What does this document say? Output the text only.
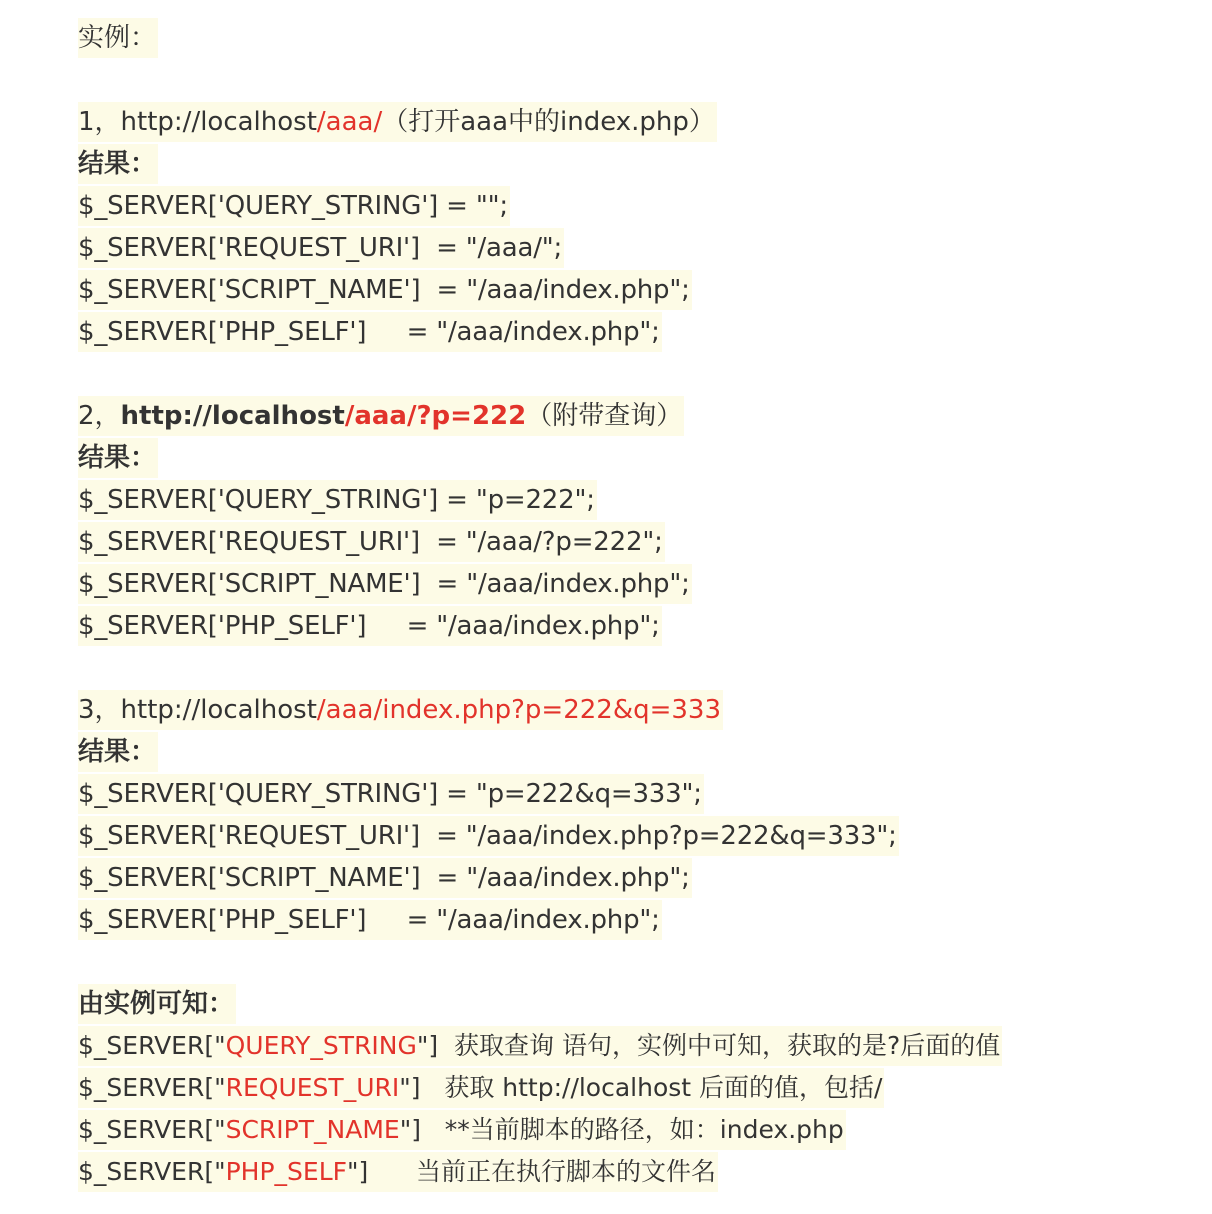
实例：
1，http://localhost/aaa/（打开aaa中的index.php）
结果：
$_SERVER['QUERY_STRING'] = "";
$_SERVER['REQUEST_URI']  = "/aaa/";
$_SERVER['SCRIPT_NAME']  = "/aaa/index.php";
$_SERVER['PHP_SELF']     = "/aaa/index.php";
2，http://localhost/aaa/?p=222（附带查询）
结果：
$_SERVER['QUERY_STRING'] = "p=222";
$_SERVER['REQUEST_URI']  = "/aaa/?p=222";
$_SERVER['SCRIPT_NAME']  = "/aaa/index.php";
$_SERVER['PHP_SELF']     = "/aaa/index.php";
3，http://localhost/aaa/index.php?p=222&q=333
结果：
$_SERVER['QUERY_STRING'] = "p=222&q=333";
$_SERVER['REQUEST_URI']  = "/aaa/index.php?p=222&q=333";
$_SERVER['SCRIPT_NAME']  = "/aaa/index.php";
$_SERVER['PHP_SELF']     = "/aaa/index.php";
由实例可知：
$_SERVER["QUERY_STRING"]  获取查询 语句，实例中可知，获取的是?后面的值
$_SERVER["REQUEST_URI"]   获取 http://localhost 后面的值，包括/
$_SERVER["SCRIPT_NAME"]   **当前脚本的路径，如：index.php
$_SERVER["PHP_SELF"]      当前正在执行脚本的文件名
